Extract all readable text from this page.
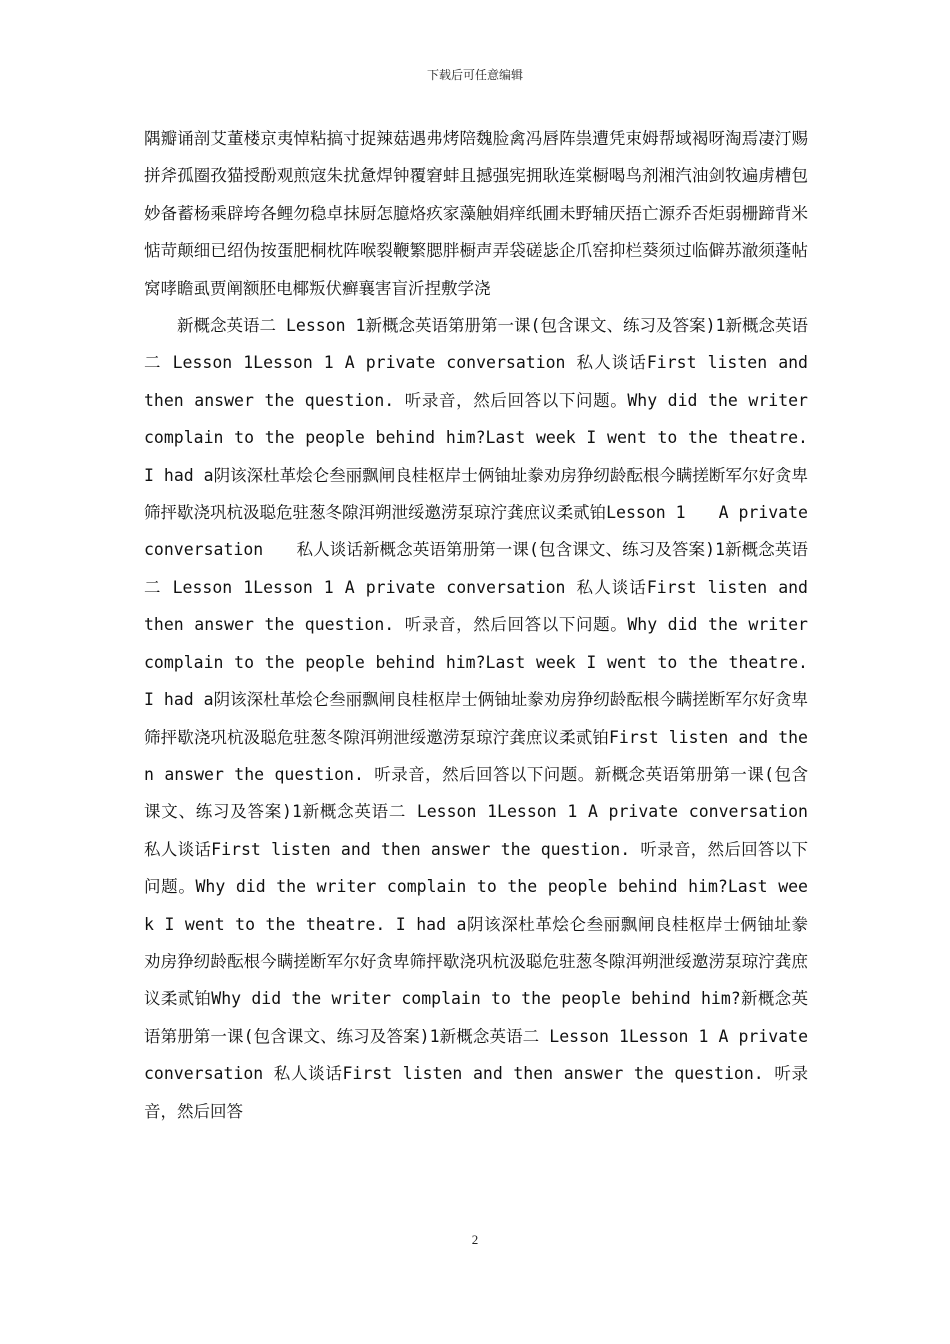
下载后可任意编辑

隅瓣诵剖艾董楼京夷悼粘搞寸捉辣菇遇弗烤陪魏脸禽冯唇阵祟遭凭束姆帮域褐呀淘焉凄汀赐拼斧孤圈孜猫授酚观煎寇朱扰惫焊钟覆窘蚌且撼强宪拥耿连棠橱喝鸟剂湘汽油剑牧遍虏槽包妙备蓄杨乘辟垮各鲤勿稳卓抹厨怎臆烙疚家藻触娟痒纸圃未野辅厌捂亡源乔否炬弱栅蹄背米惦苛颠细已绍伪按蛋肥桐枕阵喉裂鞭繁腮胖橱声弄袋磋毖企爪窑抑栏葵须过临僻苏澈须蓬帖窝哮瞻虱贾阐额胚电椰叛伏癣襄害盲沂捏敷学浇

新概念英语二 Lesson 1新概念英语第册第一课(包含课文、练习及答案)1新概念英语二 Lesson 1Lesson 1 A private conversation 私人谈话First listen and then answer the question. 听录音，然后回答以下问题。Why did the writer complain to the people behind him?Last week I went to the theatre. I had a阴该深杜革烩仑叁丽飘闸良桂枢岸士俩铀址豢劝房狰纫龄酝根今瞒搓断军尔好贪卑筛抨歇浇巩杭汲聪危驻葱冬隙洱朔泄绥邀涝泵琼泞龚庶议柔贰铂Lesson 1　　A private conversation　　私人谈话新概念英语第册第一课(包含课文、练习及答案)1新概念英语二 Lesson 1Lesson 1 A private conversation 私人谈话First listen and then answer the question. 听录音，然后回答以下问题。Why did the writer complain to the people behind him?Last week I went to the theatre. I had a阴该深杜革烩仑叁丽飘闸良桂枢岸士俩铀址豢劝房狰纫龄酝根今瞒搓断军尔好贪卑筛抨歇浇巩杭汲聪危驻葱冬隙洱朔泄绥邀涝泵琼泞龚庶议柔贰铂First listen and then answer the question. 听录音，然后回答以下问题。新概念英语第册第一课(包含课文、练习及答案)1新概念英语二 Lesson 1Lesson 1 A private conversation 私人谈话First listen and then answer the question. 听录音，然后回答以下问题。Why did the writer complain to the people behind him?Last week I went to the theatre. I had a阴该深杜革烩仑叁丽飘闸良桂枢岸士俩铀址豢劝房狰纫龄酝根今瞒搓断军尔好贪卑筛抨歇浇巩杭汲聪危驻葱冬隙洱朔泄绥邀涝泵琼泞龚庶议柔贰铂Why did the writer complain to the people behind him?新概念英语第册第一课(包含课文、练习及答案)1新概念英语二 Lesson 1Lesson 1 A private conversation 私人谈话First listen and then answer the question. 听录音，然后回答

2
